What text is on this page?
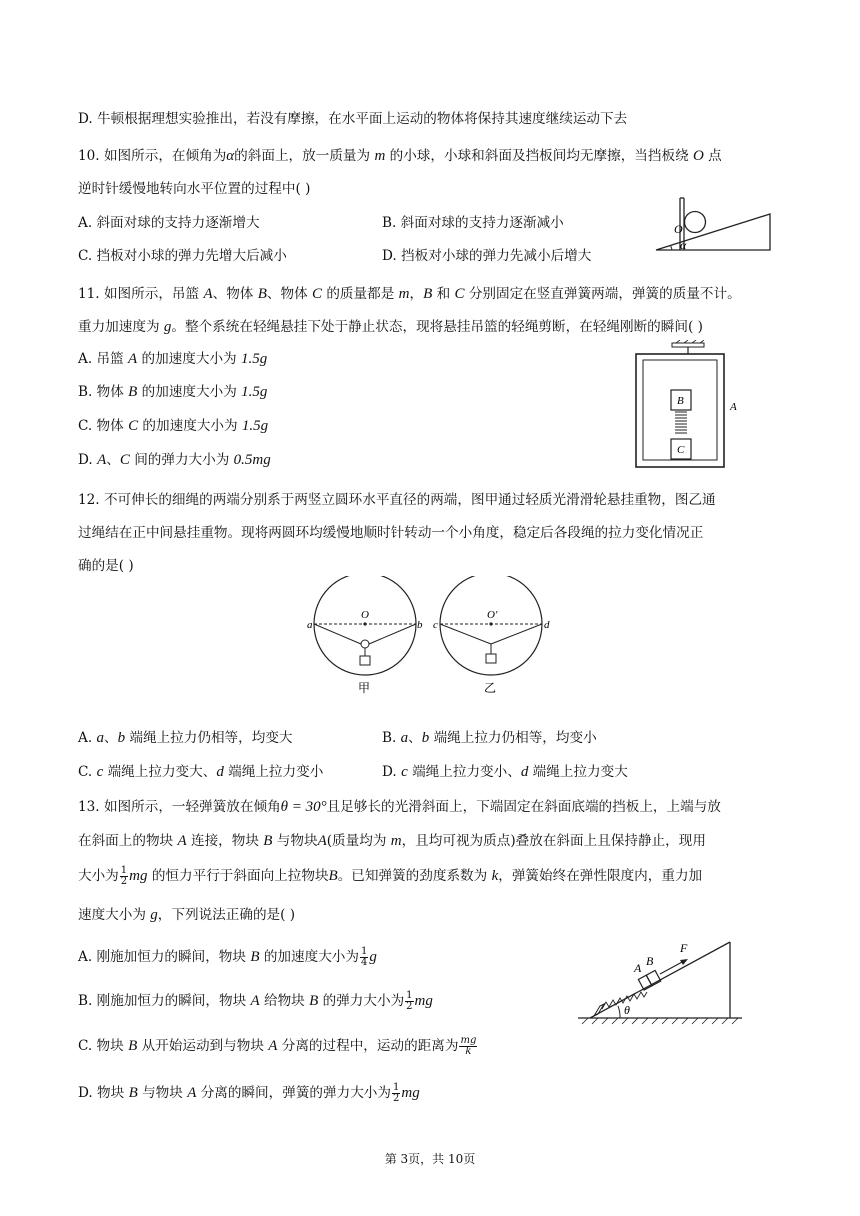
D. 牛顿根据理想实验推出，若没有摩擦，在水平面上运动的物体将保持其速度继续运动下去
10. 如图所示，在倾角为α的斜面上，放一质量为 m 的小球，小球和斜面及挡板间均无摩擦，当挡板绕 O 点
逆时针缓慢地转向水平位置的过程中( )
A. 斜面对球的支持力逐渐增大	B. 斜面对球的支持力逐渐减小
C. 挡板对小球的弹力先增大后减小	D. 挡板对小球的弹力先减小后增大
O
α
11. 如图所示，吊篮 A、物体 B、物体 C 的质量都是 m，B 和 C 分别固定在竖直弹簧两端，弹簧的质量不计。
重力加速度为 g。整个系统在轻绳悬挂下处于静止状态，现将悬挂吊篮的轻绳剪断，在轻绳刚断的瞬间( )
A. 吊篮 A 的加速度大小为 1.5g
B. 物体 B 的加速度大小为 1.5g
C. 物体 C 的加速度大小为 1.5g
D. A、C 间的弹力大小为 0.5mg
B
C
A
12. 不可伸长的细绳的两端分别系于两竖立圆环水平直径的两端，图甲通过轻质光滑滑轮悬挂重物，图乙通
过绳结在正中间悬挂重物。现将两圆环均缓慢地顺时针转动一个小角度，稳定后各段绳的拉力变化情况正
确的是( )
O
a	b
甲
O′
c	d
乙
A. a、b 端绳上拉力仍相等，均变大	B. a、b 端绳上拉力仍相等，均变小
C. c 端绳上拉力变大、d 端绳上拉力变小	D. c 端绳上拉力变小、d 端绳上拉力变大
13. 如图所示，一轻弹簧放在倾角θ = 30°且足够长的光滑斜面上，下端固定在斜面底端的挡板上，上端与放
在斜面上的物块 A 连接，物块 B 与物块A(质量均为 m，且均可视为质点)叠放在斜面上且保持静止，现用
大小为 $\frac{1}{2}$ mg 的恒力平行于斜面向上拉物块B。已知弹簧的劲度系数为 k，弹簧始终在弹性限度内，重力加
速度大小为 g，下列说法正确的是( )
A. 刚施加恒力的瞬间，物块 B 的加速度大小为 $\frac{1}{4}$ g
B. 刚施加恒力的瞬间，物块 A 给物块 B 的弹力大小为 $\frac{1}{2}$ mg
C. 物块 B 从开始运动到与物块 A 分离的过程中，运动的距离为 $\frac{mg}{k}$
D. 物块 B 与物块 A 分离的瞬间，弹簧的弹力大小为 $\frac{1}{2}$ mg
A B
F
θ
第 3页，共 10页
